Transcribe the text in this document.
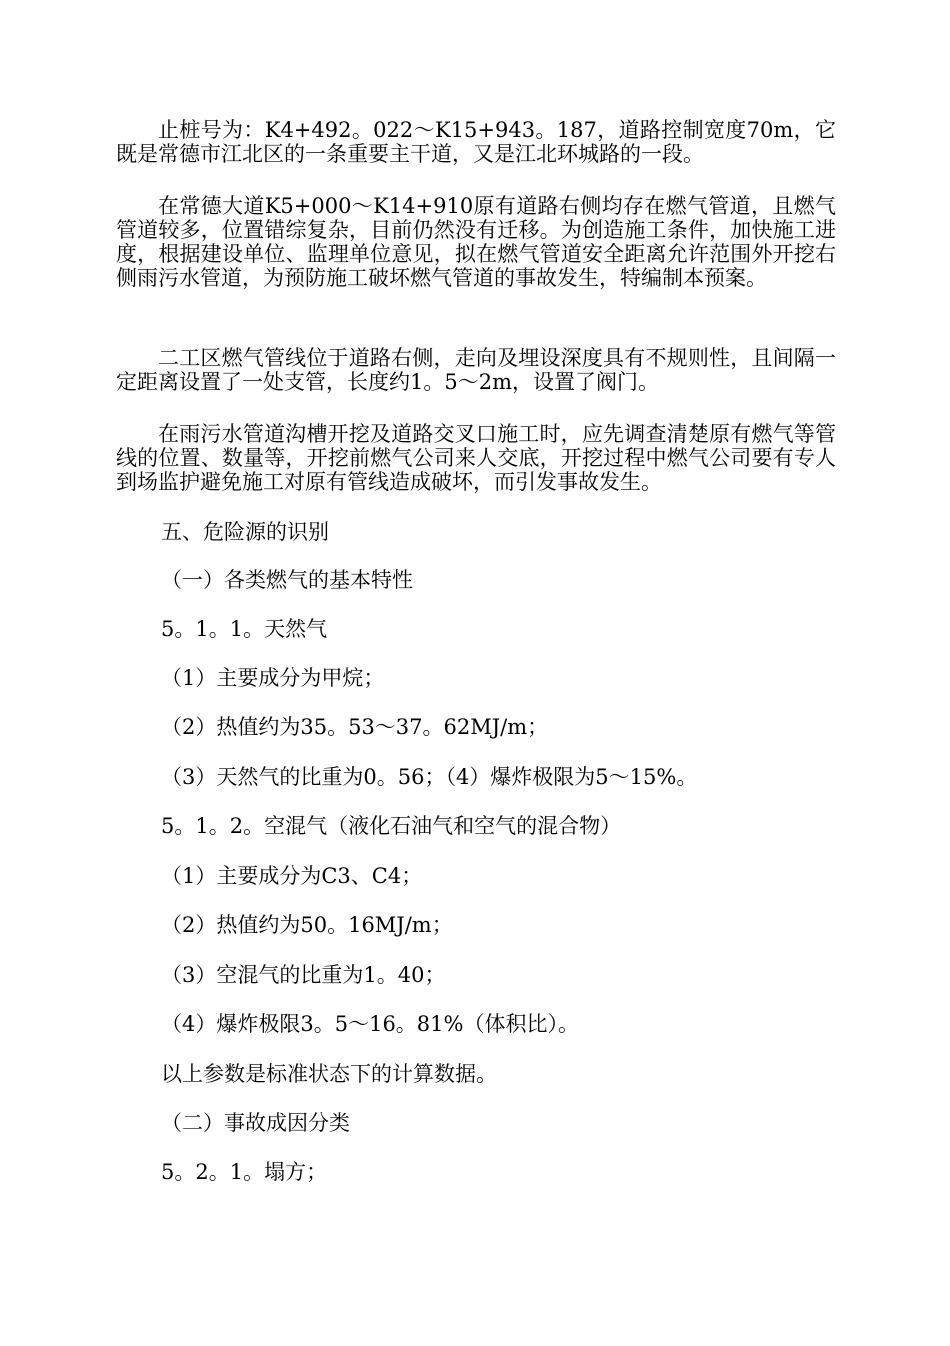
止桩号为：K4+492。022～K15+943。187，道路控制宽度70m，它既是常德市江北区的一条重要主干道，又是江北环城路的一段。

在常德大道K5+000～K14+910原有道路右侧均存在燃气管道，且燃气管道较多，位置错综复杂，目前仍然没有迁移。为创造施工条件，加快施工进度，根据建设单位、监理单位意见，拟在燃气管道安全距离允许范围外开挖右侧雨污水管道，为预防施工破坏燃气管道的事故发生，特编制本预案。

二工区燃气管线位于道路右侧，走向及埋设深度具有不规则性，且间隔一定距离设置了一处支管，长度约1。5～2m，设置了阀门。

在雨污水管道沟槽开挖及道路交叉口施工时，应先调查清楚原有燃气等管线的位置、数量等，开挖前燃气公司来人交底，开挖过程中燃气公司要有专人到场监护避免施工对原有管线造成破坏，而引发事故发生。

五、危险源的识别

（一）各类燃气的基本特性

5。1。1。天然气

（1）主要成分为甲烷；

（2）热值约为35。53～37。62MJ/m；

（3）天然气的比重为0。56；（4）爆炸极限为5～15%。

5。1。2。空混气（液化石油气和空气的混合物）

（1）主要成分为C3、C4；

（2）热值约为50。16MJ/m；

（3）空混气的比重为1。40；

（4）爆炸极限3。5～16。81%（体积比）。

以上参数是标准状态下的计算数据。

（二）事故成因分类

5。2。1。塌方；
